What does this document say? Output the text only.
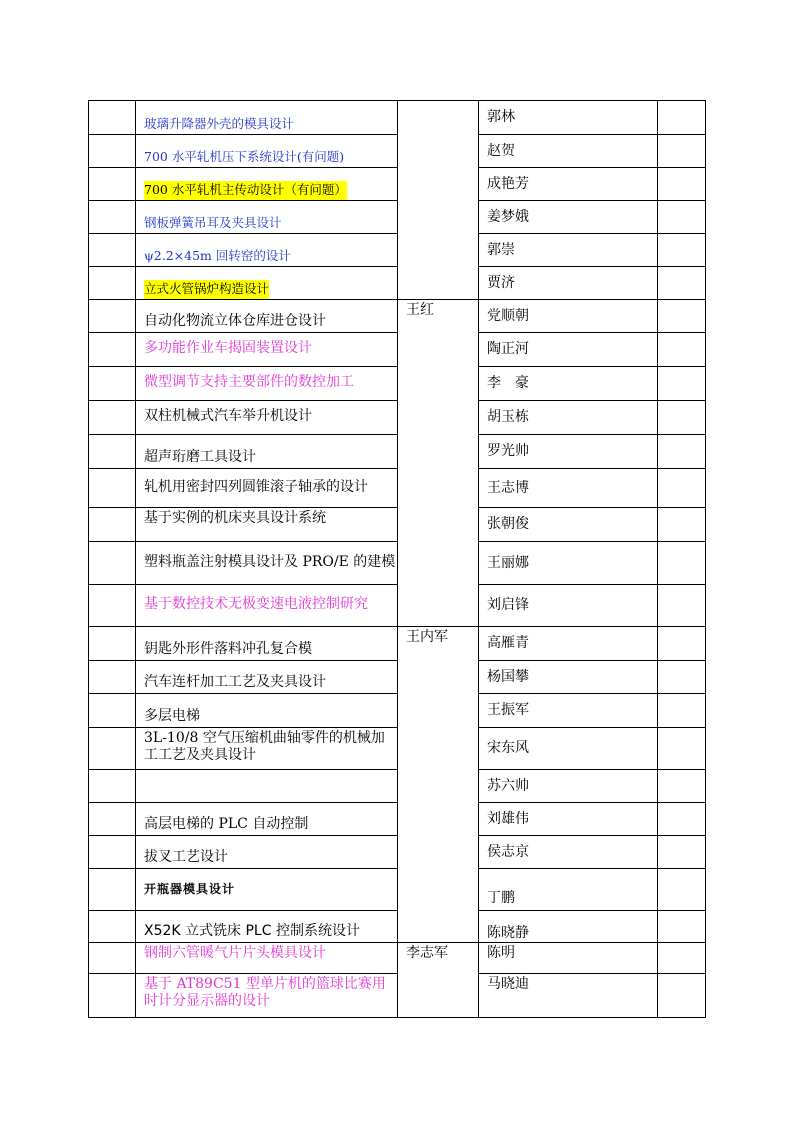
	玻璃升降器外壳的模具设计		郭林	
	700 水平轧机压下系统设计(有问题)		赵贺	
	700 水平轧机主传动设计（有问题）		成艳芳	
	钢板弹簧吊耳及夹具设计		姜梦娥	
	ψ2.2×45m 回转窑的设计		郭崇	
	立式火管锅炉构造设计		贾济	
	自动化物流立体仓库进仓设计	王红	党顺朝	
	多功能作业车揭固装置设计		陶正河	
	微型调节支持主要部件的数控加工		李　豪	
	双柱机械式汽车举升机设计		胡玉栋	
	超声珩磨工具设计		罗光帅	
	轧机用密封四列圆锥滚子轴承的设计		王志博	
	基于实例的机床夹具设计系统		张朝俊	
	塑料瓶盖注射模具设计及 PRO/E 的建模		王丽娜	
	基于数控技术无极变速电液控制研究		刘启锋	
	钥匙外形件落料冲孔复合模	王内军	高雁青	
	汽车连杆加工工艺及夹具设计		杨国攀	
	多层电梯		王振军	
	3L-10/8 空气压缩机曲轴零件的机械加工工艺及夹具设计		宋东风	
			苏六帅	
	高层电梯的 PLC 自动控制		刘雄伟	
	拔叉工艺设计		侯志京	
	开瓶器模具设计		丁鹏	
	X52K 立式铣床 PLC 控制系统设计		陈晓静	
	钢制六管暖气片片头模具设计	李志军	陈明	
	基于 AT89C51 型单片机的篮球比赛用时计分显示器的设计		马晓迪	
